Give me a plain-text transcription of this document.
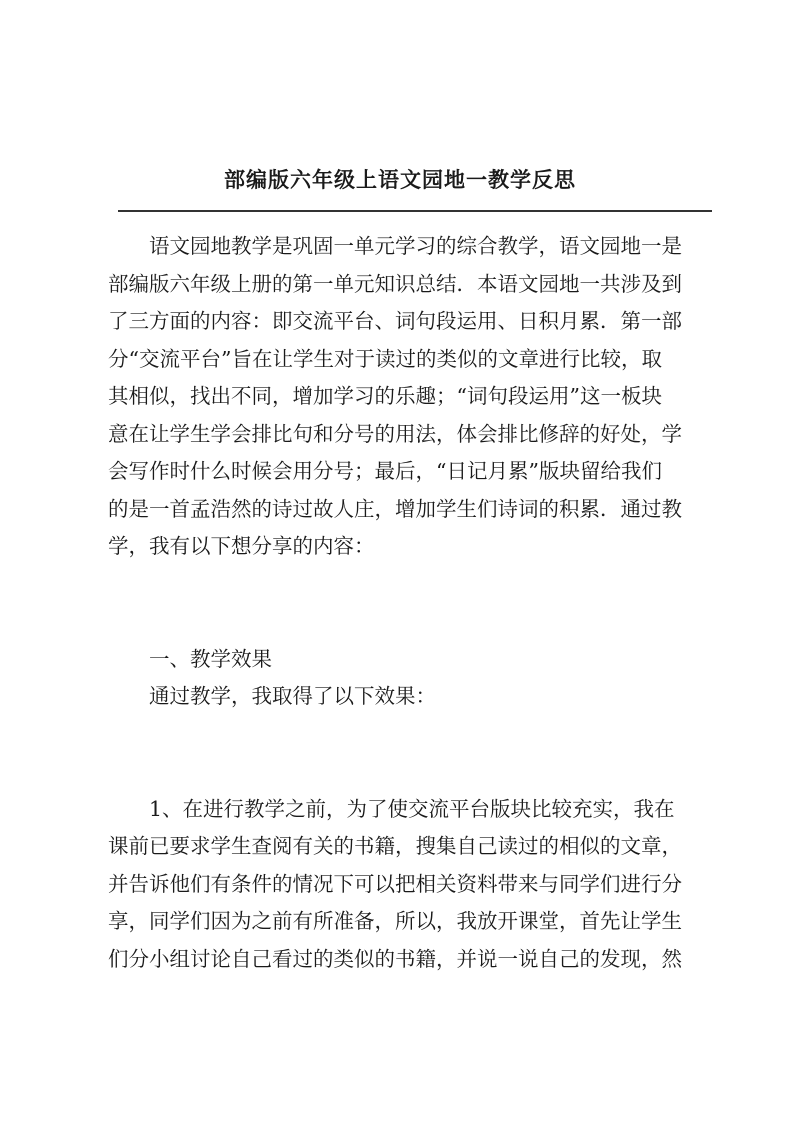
部编版六年级上语文园地一教学反思
语文园地教学是巩固一单元学习的综合教学，语文园地一是
部编版六年级上册的第一单元知识总结．本语文园地一共涉及到
了三方面的内容：即交流平台、词句段运用、日积月累．第一部
分“交流平台”旨在让学生对于读过的类似的文章进行比较，取
其相似，找出不同，增加学习的乐趣；“词句段运用”这一板块
意在让学生学会排比句和分号的用法，体会排比修辞的好处，学
会写作时什么时候会用分号；最后，“日记月累”版块留给我们
的是一首孟浩然的诗过故人庄，增加学生们诗词的积累．通过教
学，我有以下想分享的内容：
一、教学效果
通过教学，我取得了以下效果：
1、在进行教学之前，为了使交流平台版块比较充实，我在
课前已要求学生查阅有关的书籍，搜集自己读过的相似的文章，
并告诉他们有条件的情况下可以把相关资料带来与同学们进行分
享，同学们因为之前有所准备，所以，我放开课堂，首先让学生
们分小组讨论自己看过的类似的书籍，并说一说自己的发现，然
